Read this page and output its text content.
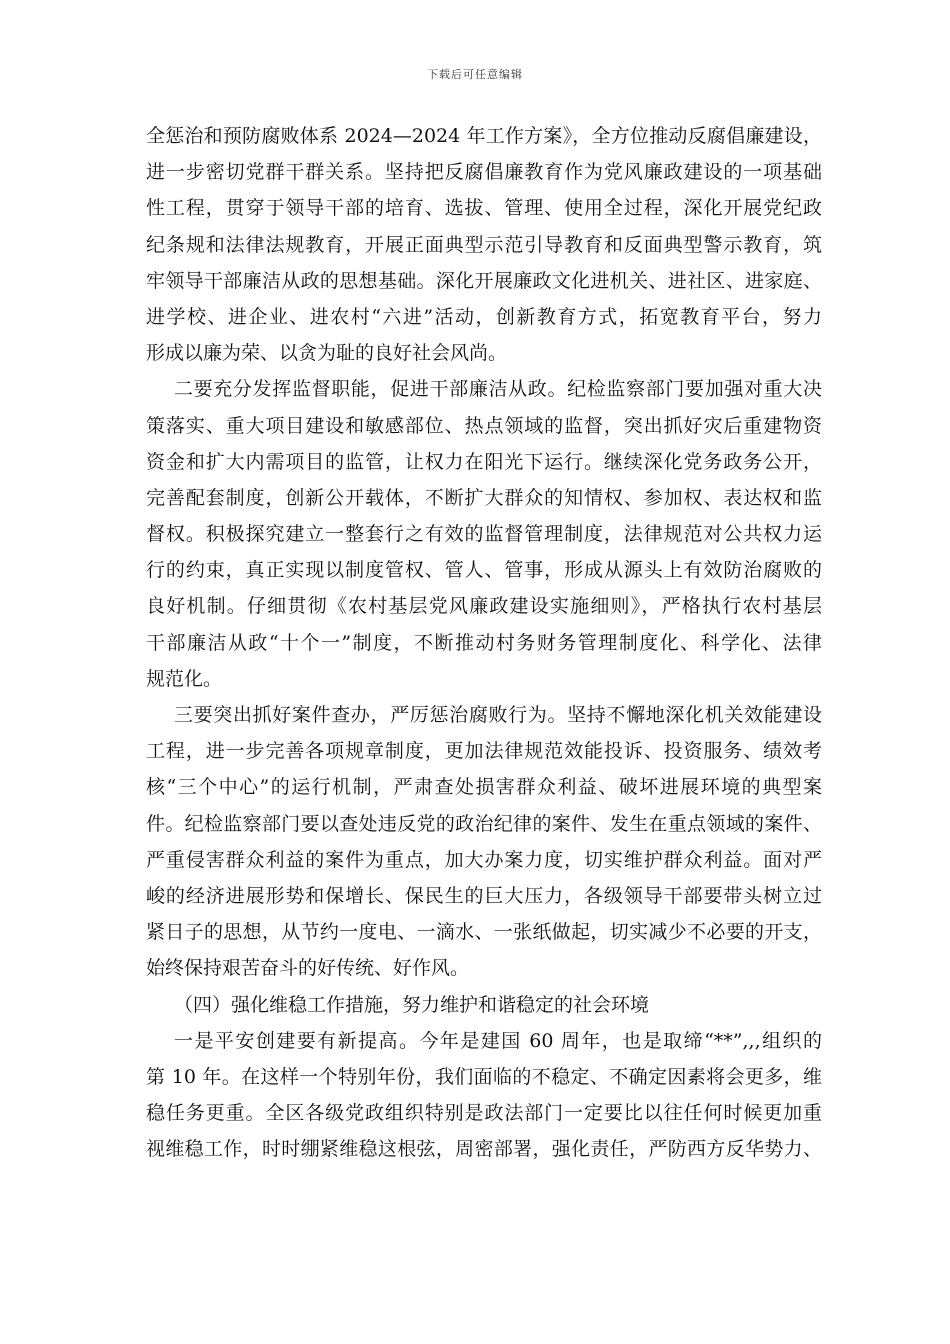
下载后可任意编辑
全惩治和预防腐败体系 2024—2024 年工作方案》，全方位推动反腐倡廉建设，
进一步密切党群干群关系。坚持把反腐倡廉教育作为党风廉政建设的一项基础
性工程，贯穿于领导干部的培育、选拔、管理、使用全过程，深化开展党纪政
纪条规和法律法规教育，开展正面典型示范引导教育和反面典型警示教育，筑
牢领导干部廉洁从政的思想基础。深化开展廉政文化进机关、进社区、进家庭、
进学校、进企业、进农村“六进”活动，创新教育方式，拓宽教育平台，努力
形成以廉为荣、以贪为耻的良好社会风尚。
二要充分发挥监督职能，促进干部廉洁从政。纪检监察部门要加强对重大决
策落实、重大项目建设和敏感部位、热点领域的监督，突出抓好灾后重建物资
资金和扩大内需项目的监管，让权力在阳光下运行。继续深化党务政务公开，
完善配套制度，创新公开载体，不断扩大群众的知情权、参加权、表达权和监
督权。积极探究建立一整套行之有效的监督管理制度，法律规范对公共权力运
行的约束，真正实现以制度管权、管人、管事，形成从源头上有效防治腐败的
良好机制。仔细贯彻《农村基层党风廉政建设实施细则》，严格执行农村基层
干部廉洁从政“十个一”制度，不断推动村务财务管理制度化、科学化、法律
规范化。
三要突出抓好案件查办，严厉惩治腐败行为。坚持不懈地深化机关效能建设
工程，进一步完善各项规章制度，更加法律规范效能投诉、投资服务、绩效考
核“三个中心”的运行机制，严肃查处损害群众利益、破坏进展环境的典型案
件。纪检监察部门要以查处违反党的政治纪律的案件、发生在重点领域的案件、
严重侵害群众利益的案件为重点，加大办案力度，切实维护群众利益。面对严
峻的经济进展形势和保增长、保民生的巨大压力，各级领导干部要带头树立过
紧日子的思想，从节约一度电、一滴水、一张纸做起，切实减少不必要的开支，
始终保持艰苦奋斗的好传统、好作风。
（四）强化维稳工作措施，努力维护和谐稳定的社会环境
一是平安创建要有新提高。今年是建国 60 周年，也是取缔“**”,,,组织的
第 10 年。在这样一个特别年份，我们面临的不稳定、不确定因素将会更多，维
稳任务更重。全区各级党政组织特别是政法部门一定要比以往任何时候更加重
视维稳工作，时时绷紧维稳这根弦，周密部署，强化责任，严防西方反华势力、
